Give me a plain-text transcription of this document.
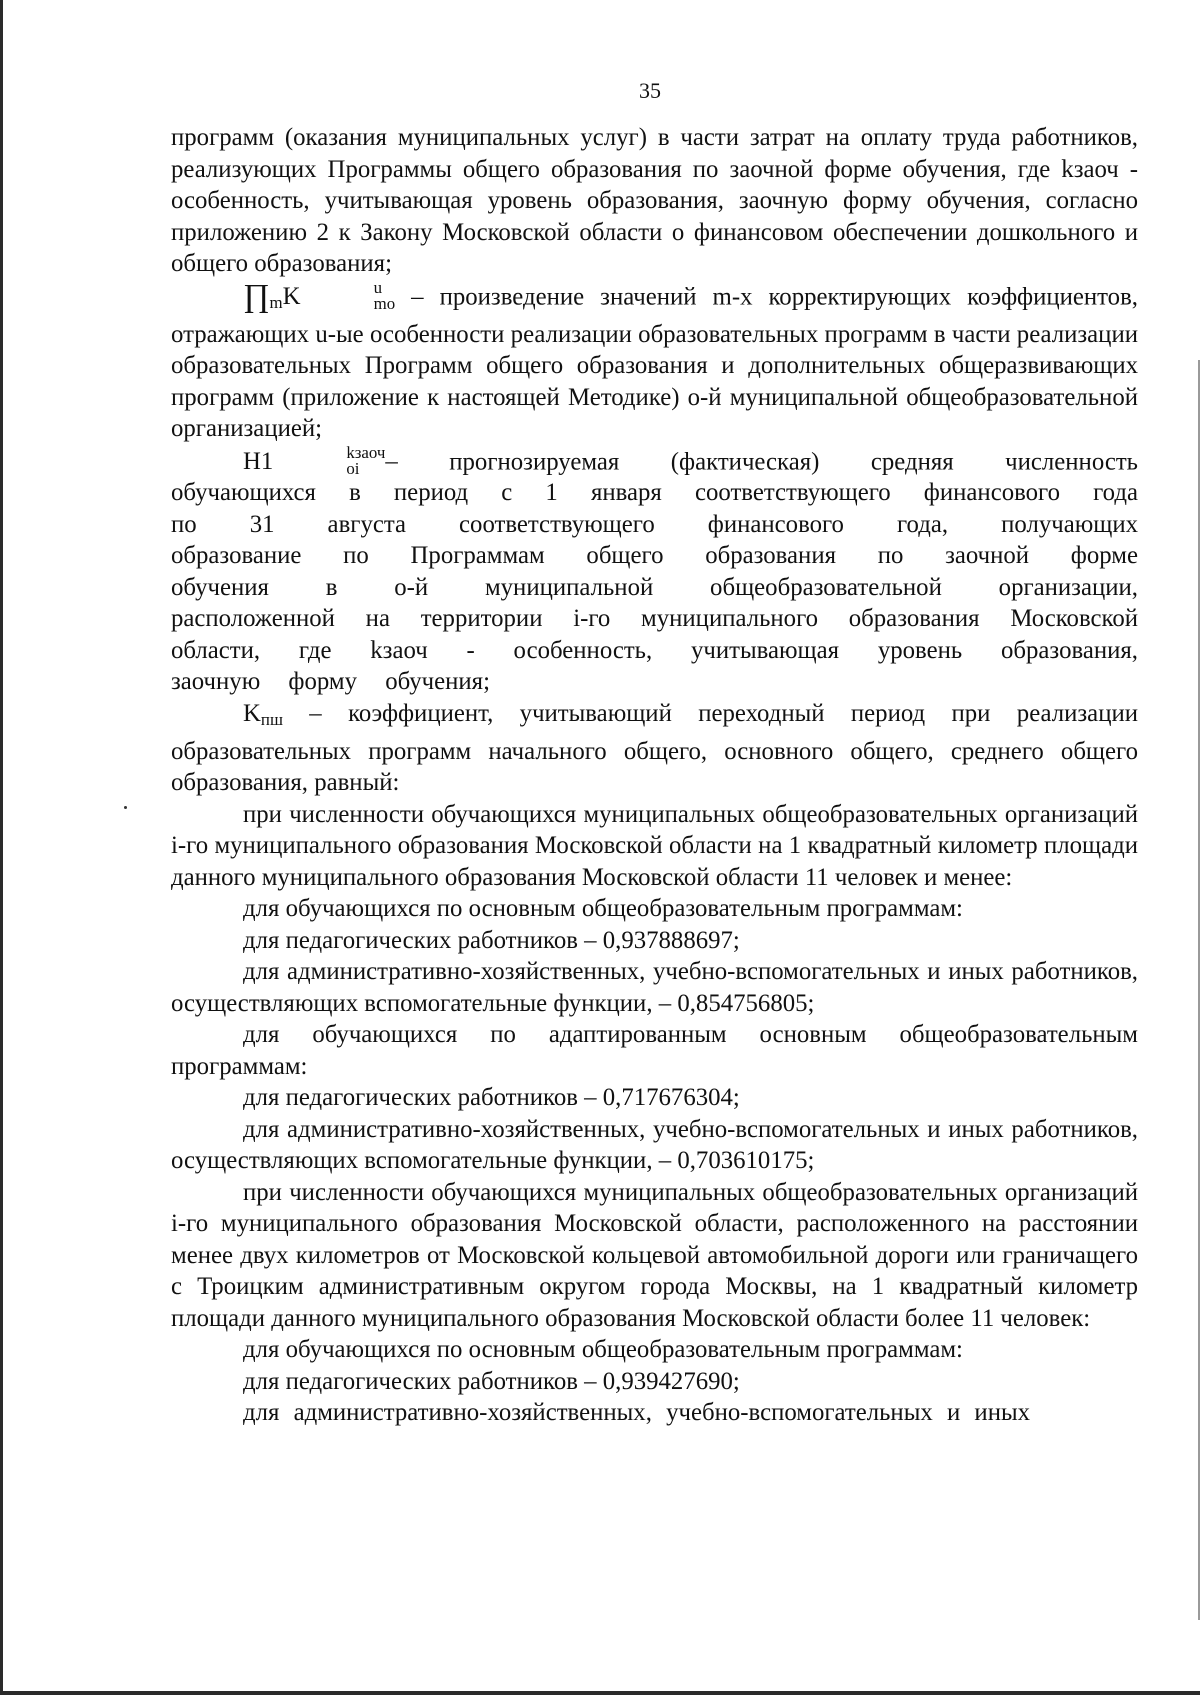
35

программ (оказания муниципальных услуг) в части затрат на оплату труда работников, реализующих Программы общего образования по заочной форме обучения, где kзаоч - особенность, учитывающая уровень образования, заочную форму обучения, согласно приложению 2 к Закону Московской области о финансовом обеспечении дошкольного и общего образования;

∏mK	u
mo – произведение значений m-x корректирующих коэффициентов, отражающих u-ые особенности реализации образовательных программ в части реализации образовательных Программ общего образования и дополнительных общеразвивающих программ (приложение к настоящей Методике) о-й муниципальной общеобразовательной организацией;

H1	kзаоч
oi	– прогнозируемая (фактическая) средняя численность обучающихся в период с 1 января соответствующего финансового года по 31 августа соответствующего финансового года, получающих образование по Программам общего образования по заочной форме обучения в о-й муниципальной общеобразовательной организации, расположенной на территории i-го муниципального образования Московской области, где kзаоч - особенность, учитывающая уровень образования, заочную форму обучения;

Kпш – коэффициент, учитывающий переходный период при реализации образовательных программ начального общего, основного общего, среднего общего образования, равный:

при численности обучающихся муниципальных общеобразовательных организаций i-го муниципального образования Московской области на 1 квадратный километр площади данного муниципального образования Московской области 11 человек и менее:

для обучающихся по основным общеобразовательным программам:

для педагогических работников – 0,937888697;

для административно-хозяйственных, учебно-вспомогательных и иных работников, осуществляющих вспомогательные функции, – 0,854756805;

для обучающихся по адаптированным основным общеобразовательным программам:

для педагогических работников – 0,717676304;

для административно-хозяйственных, учебно-вспомогательных и иных работников, осуществляющих вспомогательные функции, – 0,703610175;

при численности обучающихся муниципальных общеобразовательных организаций i-го муниципального образования Московской области, расположенного на расстоянии менее двух километров от Московской кольцевой автомобильной дороги или граничащего с Троицким административным округом города Москвы, на 1 квадратный километр площади данного муниципального образования Московской области более 11 человек:

для обучающихся по основным общеобразовательным программам:

для педагогических работников – 0,939427690;

для административно-хозяйственных, учебно-вспомогательных и иных
